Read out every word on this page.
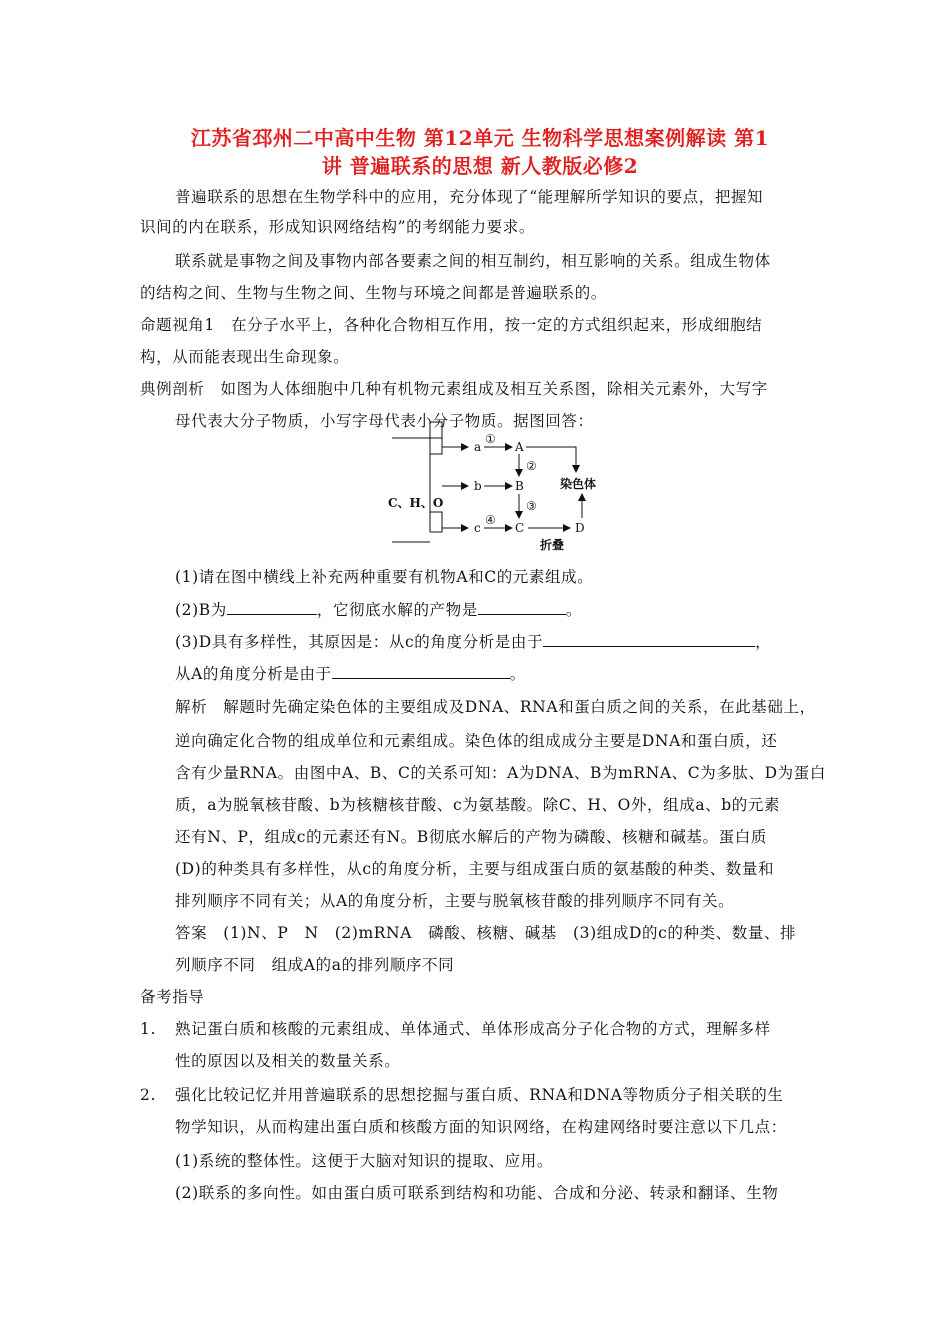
江苏省邳州二中高中生物 第12单元 生物科学思想案例解读 第1
讲 普遍联系的思想 新人教版必修2
普遍联系的思想在生物学科中的应用，充分体现了“能理解所学知识的要点，把握知
识间的内在联系，形成知识网络结构”的考纲能力要求。
联系就是事物之间及事物内部各要素之间的相互制约，相互影响的关系。组成生物体
的结构之间、生物与生物之间、生物与环境之间都是普遍联系的。
命题视角1　在分子水平上，各种化合物相互作用，按一定的方式组织起来，形成细胞结
构，从而能表现出生命现象。
典例剖析　如图为人体细胞中几种有机物元素组成及相互关系图，除相关元素外，大写字
母代表大分子物质，小写字母代表小分子物质。据图回答：
C、H、O
a
b
c
①
④
A
B
C	D
②
③
染色体
折叠
(1)请在图中横线上补充两种重要有机物A和C的元素组成。
(2)B为	，它彻底水解的产物是	。
(3)D具有多样性，其原因是：从c的角度分析是由于	，
从A的角度分析是由于	。
解析　解题时先确定染色体的主要组成及DNA、RNA和蛋白质之间的关系，在此基础上，
逆向确定化合物的组成单位和元素组成。染色体的组成成分主要是DNA和蛋白质，还
含有少量RNA。由图中A、B、C的关系可知：A为DNA、B为mRNA、C为多肽、D为蛋白
质，a为脱氧核苷酸、b为核糖核苷酸、c为氨基酸。除C、H、O外，组成a、b的元素
还有N、P，组成c的元素还有N。B彻底水解后的产物为磷酸、核糖和碱基。蛋白质
(D)的种类具有多样性，从c的角度分析，主要与组成蛋白质的氨基酸的种类、数量和
排列顺序不同有关；从A的角度分析，主要与脱氧核苷酸的排列顺序不同有关。
答案　(1)N、P　N　(2)mRNA　磷酸、核糖、碱基　(3)组成D的c的种类、数量、排
列顺序不同　组成A的a的排列顺序不同
备考指导
1. 熟记蛋白质和核酸的元素组成、单体通式、单体形成高分子化合物的方式，理解多样
性的原因以及相关的数量关系。
2. 强化比较记忆并用普遍联系的思想挖掘与蛋白质、RNA和DNA等物质分子相关联的生
物学知识，从而构建出蛋白质和核酸方面的知识网络，在构建网络时要注意以下几点：
(1)系统的整体性。这便于大脑对知识的提取、应用。
(2)联系的多向性。如由蛋白质可联系到结构和功能、合成和分泌、转录和翻译、生物
